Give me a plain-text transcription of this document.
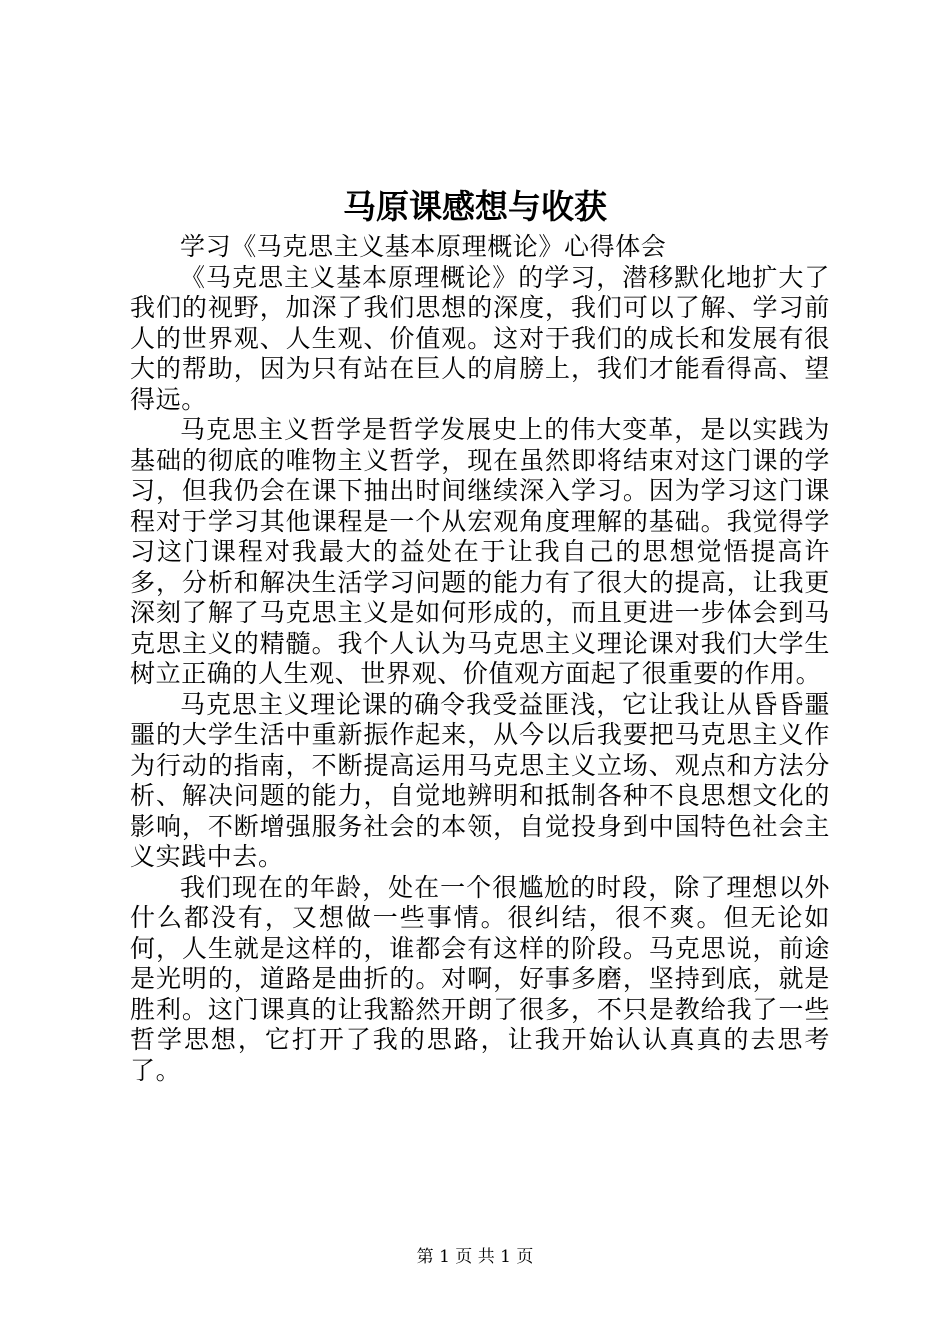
马原课感想与收获

学习《马克思主义基本原理概论》心得体会

《马克思主义基本原理概论》的学习，潜移默化地扩大了我们的视野，加深了我们思想的深度，我们可以了解、学习前人的世界观、人生观、价值观。这对于我们的成长和发展有很大的帮助，因为只有站在巨人的肩膀上，我们才能看得高、望得远。

马克思主义哲学是哲学发展史上的伟大变革，是以实践为基础的彻底的唯物主义哲学，现在虽然即将结束对这门课的学习，但我仍会在课下抽出时间继续深入学习。因为学习这门课程对于学习其他课程是一个从宏观角度理解的基础。我觉得学习这门课程对我最大的益处在于让我自己的思想觉悟提高许多，分析和解决生活学习问题的能力有了很大的提高，让我更深刻了解了马克思主义是如何形成的，而且更进一步体会到马克思主义的精髓。我个人认为马克思主义理论课对我们大学生树立正确的人生观、世界观、价值观方面起了很重要的作用。

马克思主义理论课的确令我受益匪浅，它让我让从昏昏噩噩的大学生活中重新振作起来，从今以后我要把马克思主义作为行动的指南，不断提高运用马克思主义立场、观点和方法分析、解决问题的能力，自觉地辨明和抵制各种不良思想文化的影响，不断增强服务社会的本领，自觉投身到中国特色社会主义实践中去。

我们现在的年龄，处在一个很尴尬的时段，除了理想以外什么都没有，又想做一些事情。很纠结，很不爽。但无论如何，人生就是这样的，谁都会有这样的阶段。马克思说，前途是光明的，道路是曲折的。对啊，好事多磨，坚持到底，就是胜利。这门课真的让我豁然开朗了很多，不只是教给我了一些哲学思想，它打开了我的思路，让我开始认认真真的去思考了。

第 1 页 共 1 页
